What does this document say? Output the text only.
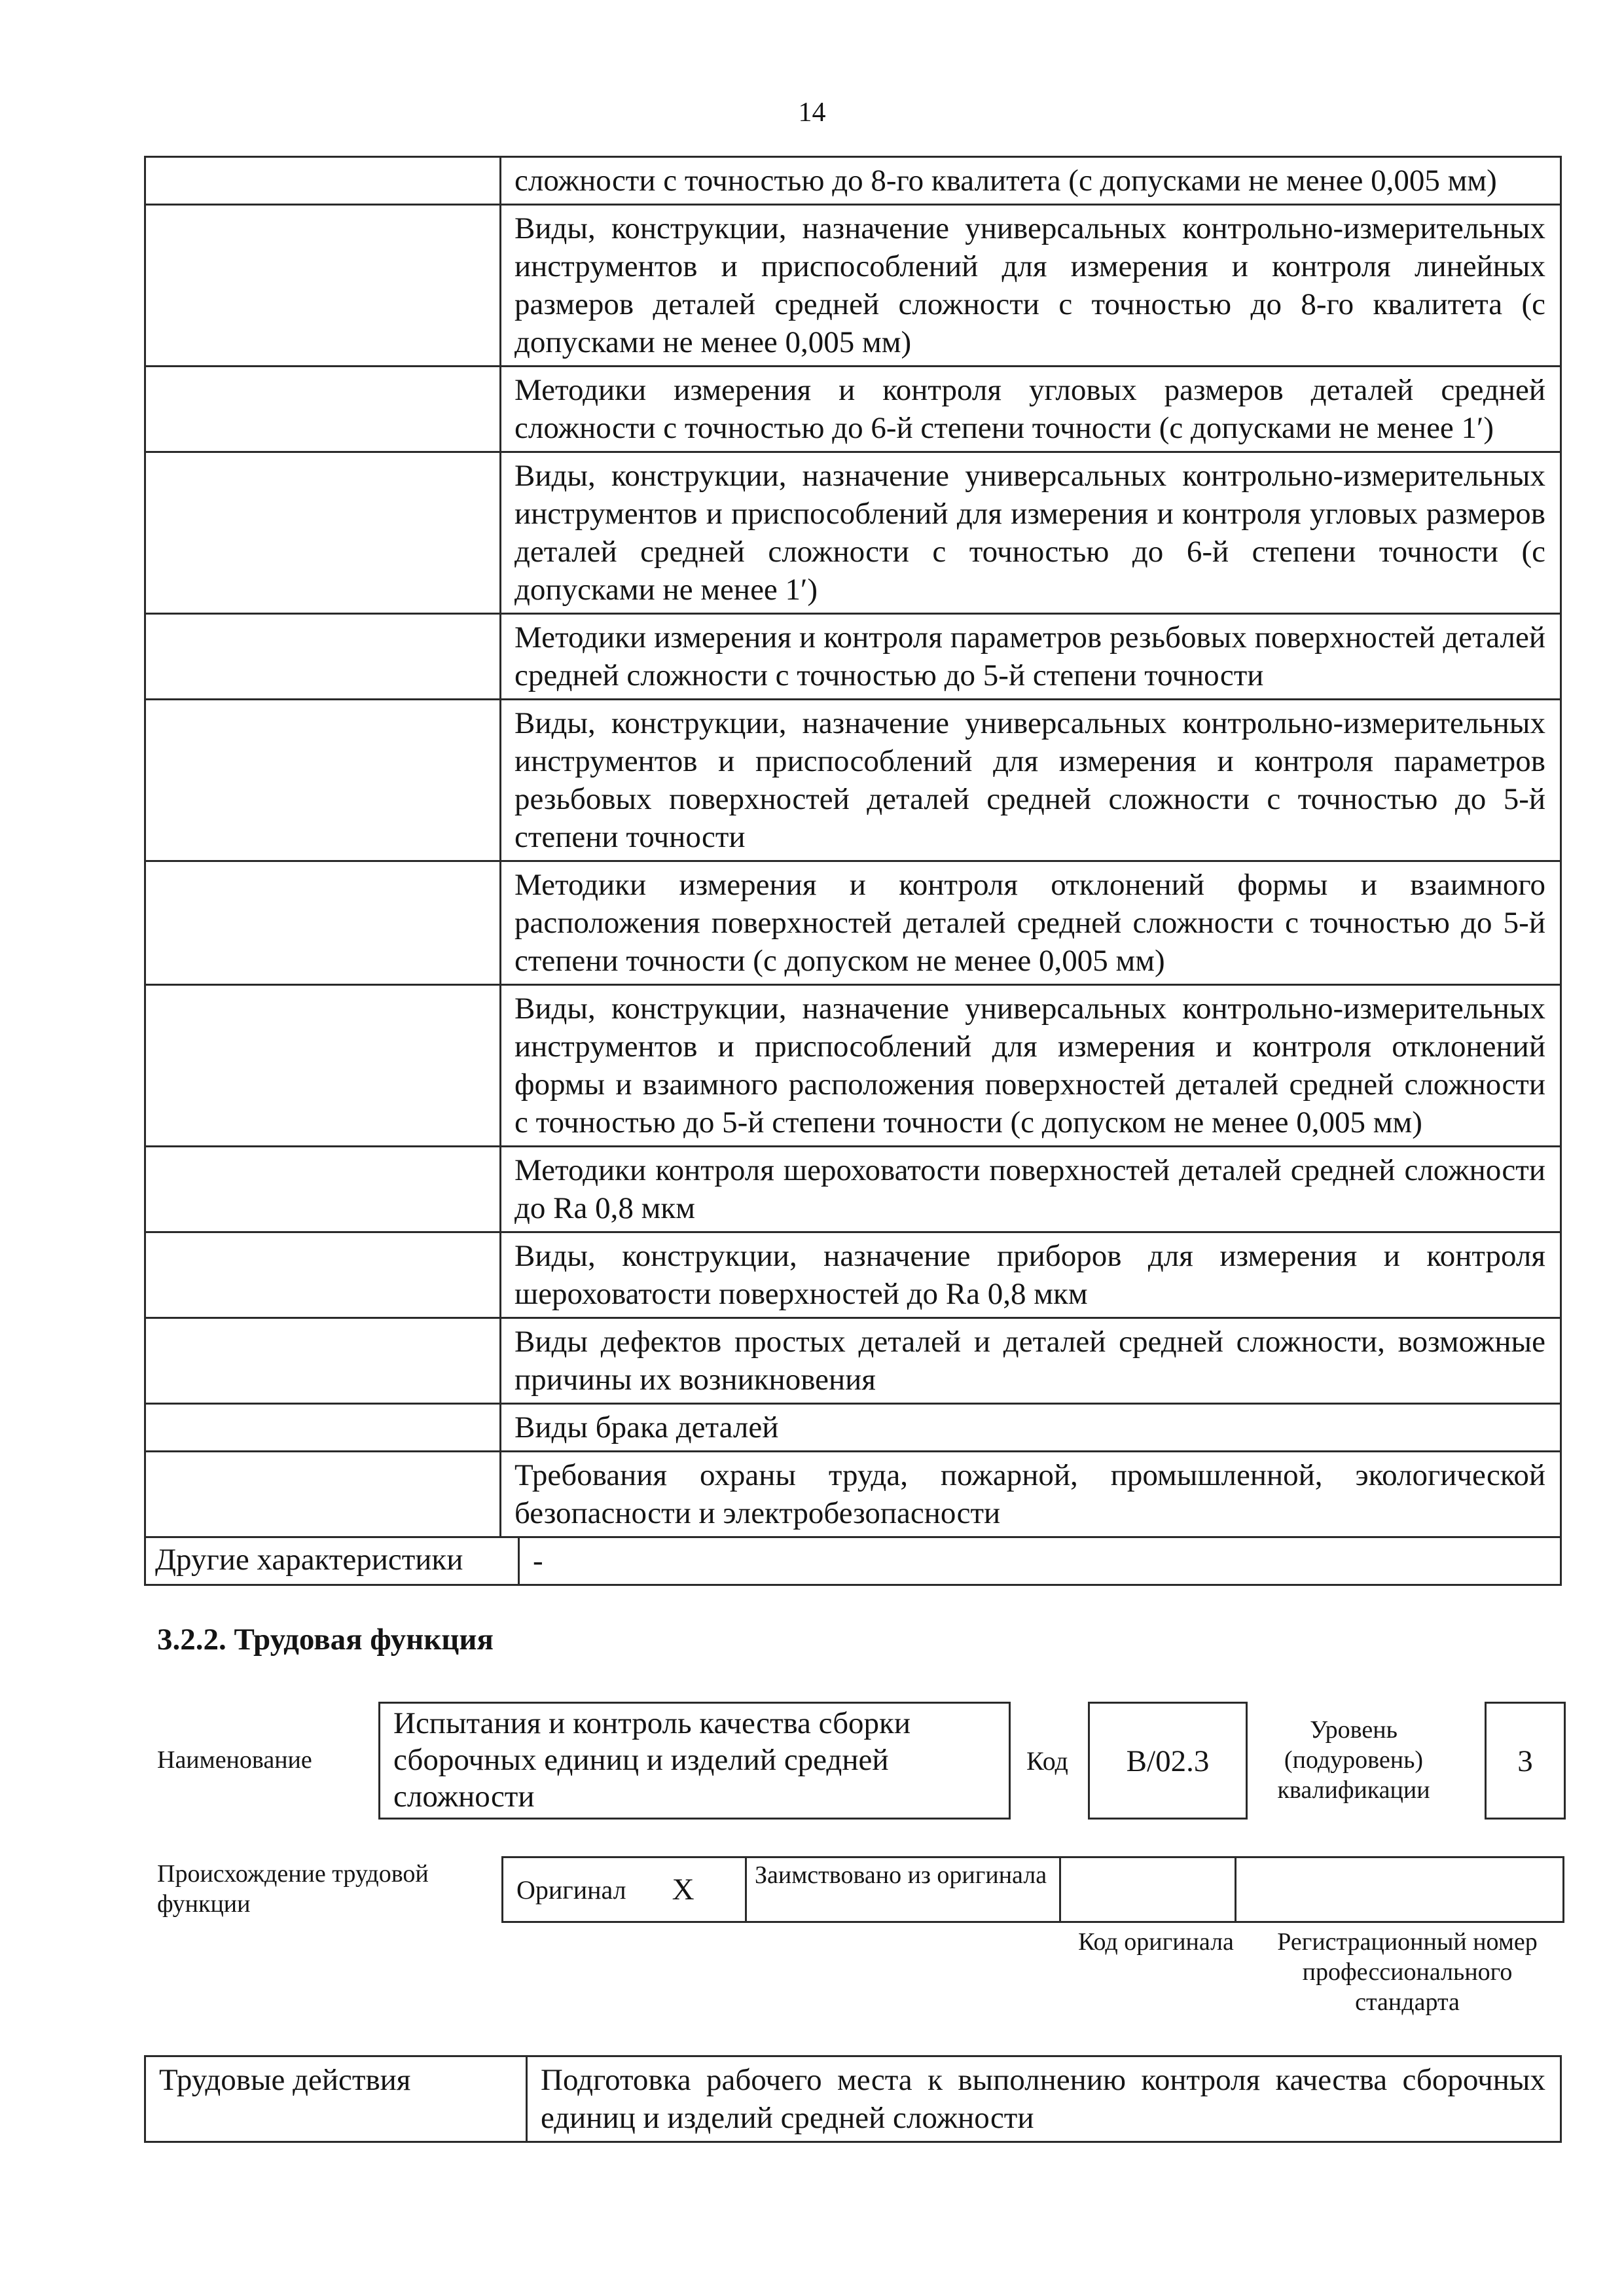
14
сложности с точностью до 8-го квалитета (с допусками не менее 0,005 мм)
Виды, конструкции, назначение универсальных контрольно-измерительных инструментов и приспособлений для измерения и контроля линейных размеров деталей средней сложности с точностью до 8-го квалитета (с допусками не менее 0,005 мм)
Методики измерения и контроля угловых размеров деталей средней сложности с точностью до 6-й степени точности (с допусками не менее 1′)
Виды, конструкции, назначение универсальных контрольно-измерительных инструментов и приспособлений для измерения и контроля угловых размеров деталей средней сложности с точностью до 6-й степени точности (с допусками не менее 1′)
Методики измерения и контроля параметров резьбовых поверхностей деталей средней сложности с точностью до 5-й степени точности
Виды, конструкции, назначение универсальных контрольно-измерительных инструментов и приспособлений для измерения и контроля параметров резьбовых поверхностей деталей средней сложности с точностью до 5-й степени точности
Методики измерения и контроля отклонений формы и взаимного расположения поверхностей деталей средней сложности с точностью до 5-й степени точности (с допуском не менее 0,005 мм)
Виды, конструкции, назначение универсальных контрольно-измерительных инструментов и приспособлений для измерения и контроля отклонений формы и взаимного расположения поверхностей деталей средней сложности с точностью до 5-й степени точности (с допуском не менее 0,005 мм)
Методики контроля шероховатости поверхностей деталей средней сложности до Ra 0,8 мкм
Виды, конструкции, назначение приборов для измерения и контроля шероховатости поверхностей до Ra 0,8 мкм
Виды дефектов простых деталей и деталей средней сложности, возможные причины их возникновения
Виды брака деталей
Требования охраны труда, пожарной, промышленной, экологической безопасности и электробезопасности
Другие характеристики	-
3.2.2. Трудовая функция
Наименование
Испытания и контроль качества сборки сборочных единиц и изделий средней сложности
Код	B/02.3
Уровень (подуровень) квалификации
3
Происхождение трудовой функции	Оригинал X	Заимствовано из оригинала
Код оригинала	Регистрационный номер профессионального стандарта
Трудовые действия	Подготовка рабочего места к выполнению контроля качества сборочных единиц и изделий средней сложности
